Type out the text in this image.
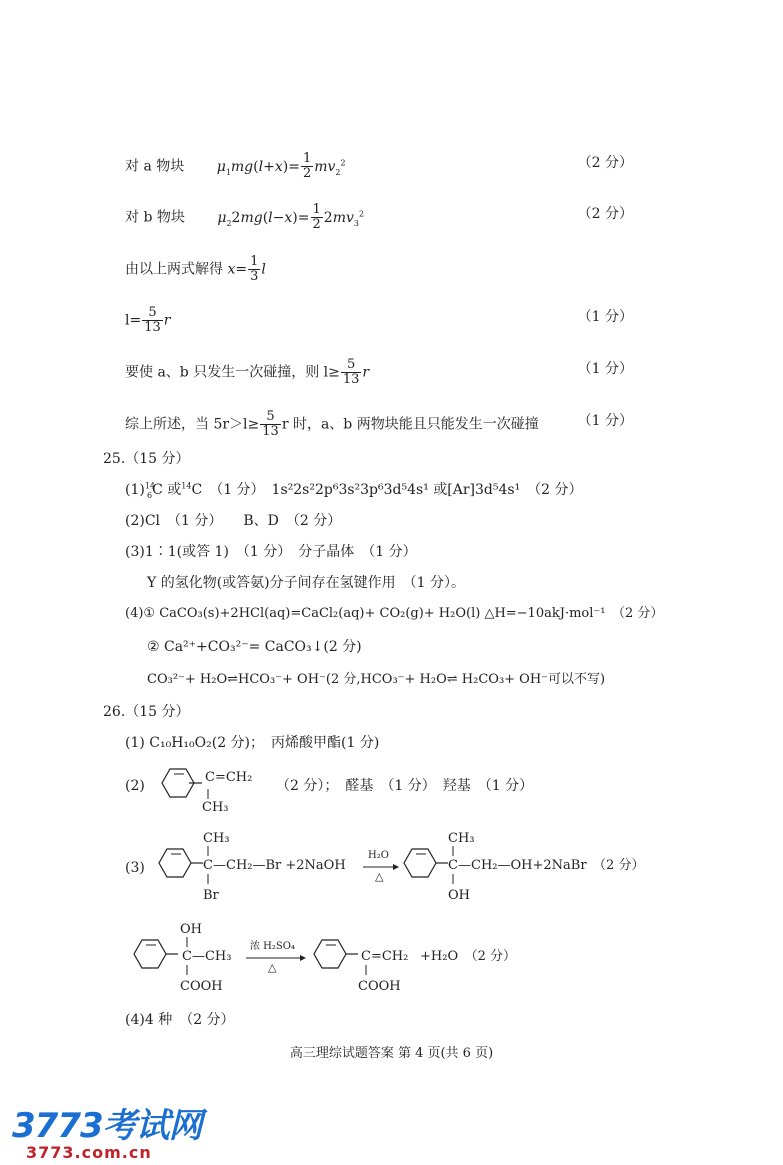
对 a 物块 $\mu_1mg(l+x)= \frac{1}{2} mv_2^2$	（2 分）
对 b 物块 $\mu_22mg(l-x)= \frac{1}{2} 2mv_3^2$	（2 分）
由以上两式解得 $x= \frac{1}{3}$ l
$l= \frac{5}{13}$ r	（1 分）
要使 a、b 只发生一次碰撞，则 $l\ge \frac{5}{13}$ r	（1 分）
综上所述，当 $5r>l\ge \frac{5}{13}$ r 时，a、b 两物块能且只能发生一次碰撞	（1 分）
25.（15 分）
$(1)^{14}_6C$ 或$^{14}$C　（1 分）　1s²2s²2p⁶3s²3p⁶3d⁵4s¹ 或[Ar]3d⁵4s¹　（2 分）
(2)Cl　（1 分）　　B、D　（2 分）
(3)1∶1(或答 1)　（1 分）　分子晶体　（1 分）
Y 的氢化物(或答氨)分子间存在氢键作用　（1 分）。
(4)① CaCO₃(s)+2HCl(aq)=CaCl₂(aq)+ CO₂(g)+ H₂O(l) △H=−10akJ·mol⁻¹　（2 分）
② Ca²⁺+CO₃²⁻= CaCO₃↓(2 分)
CO₃²⁻+ H₂O⇌HCO₃⁻+ OH⁻(2 分,HCO₃⁻+ H₂O⇌ H₂CO₃+ OH⁻可以不写)
26.（15 分）
(1) C₁₀H₁₀O₂(2 分)；　丙烯酸甲酯(1 分)
(2)
C=CH₂
CH₃
（2 分）；　醛基　（1 分）　羟基　（1 分）
(3)
CH₃
C
Br
—CH₂—Br +2NaOH
H₂O
△
CH₃
C
OH
—CH₂—OH+2NaBr　（2 分）
OH
C—CH₃
COOH
浓 H₂SO₄
△
C=CH₂
COOH
+H₂O　（2 分）
(4)4 种　（2 分）
高三理综试题答案 第 4 页(共 6 页)
3773考试网
3773.com.cn
